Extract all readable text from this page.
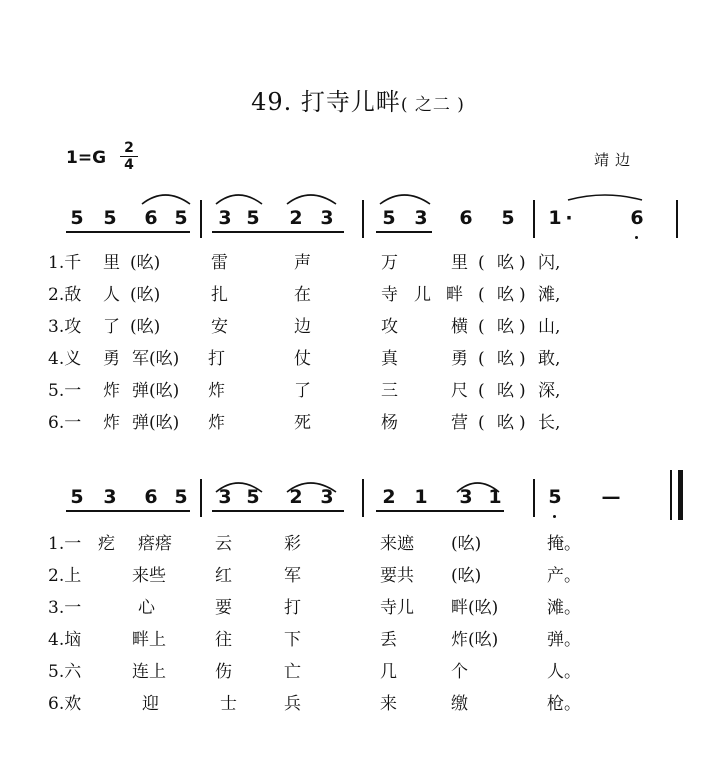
49. 打寺儿畔( 之二 )
1=G 2
4	靖边
5 5 6 5 3 5 2 3	5 3 6 5 1 ·	6
1.千 里 (吆)	雷	声	万	里 ( 吆 ) 闪,
2.敌 人 (吆)	扎	在	寺 儿 畔 ( 吆 ) 滩,
3.攻 了 (吆)	安	边	攻	横 ( 吆 ) 山,
4.义 勇 军(吆) 打	仗	真	勇 ( 吆 ) 敢,
5.一 炸 弹(吆) 炸	了	三	尺 ( 吆 ) 深,
6.一 炸 弹(吆) 炸	死	杨	营 ( 吆 ) 长,
5 3 6 5 3 5 2 3	2 1 3 1 5 —
1.一 疙 瘩瘩	云	彩	来遮 (吆)	掩。
2.上	来些	红	军	要共 (吆)	产。
3.一	心	要	打	寺儿 畔(吆)	滩。
4.垴	畔上	往	下	丢	炸(吆)	弹。
5.六	连上	伤	亡	几	个	人。
6.欢	迎	士	兵	来	缴	枪。
